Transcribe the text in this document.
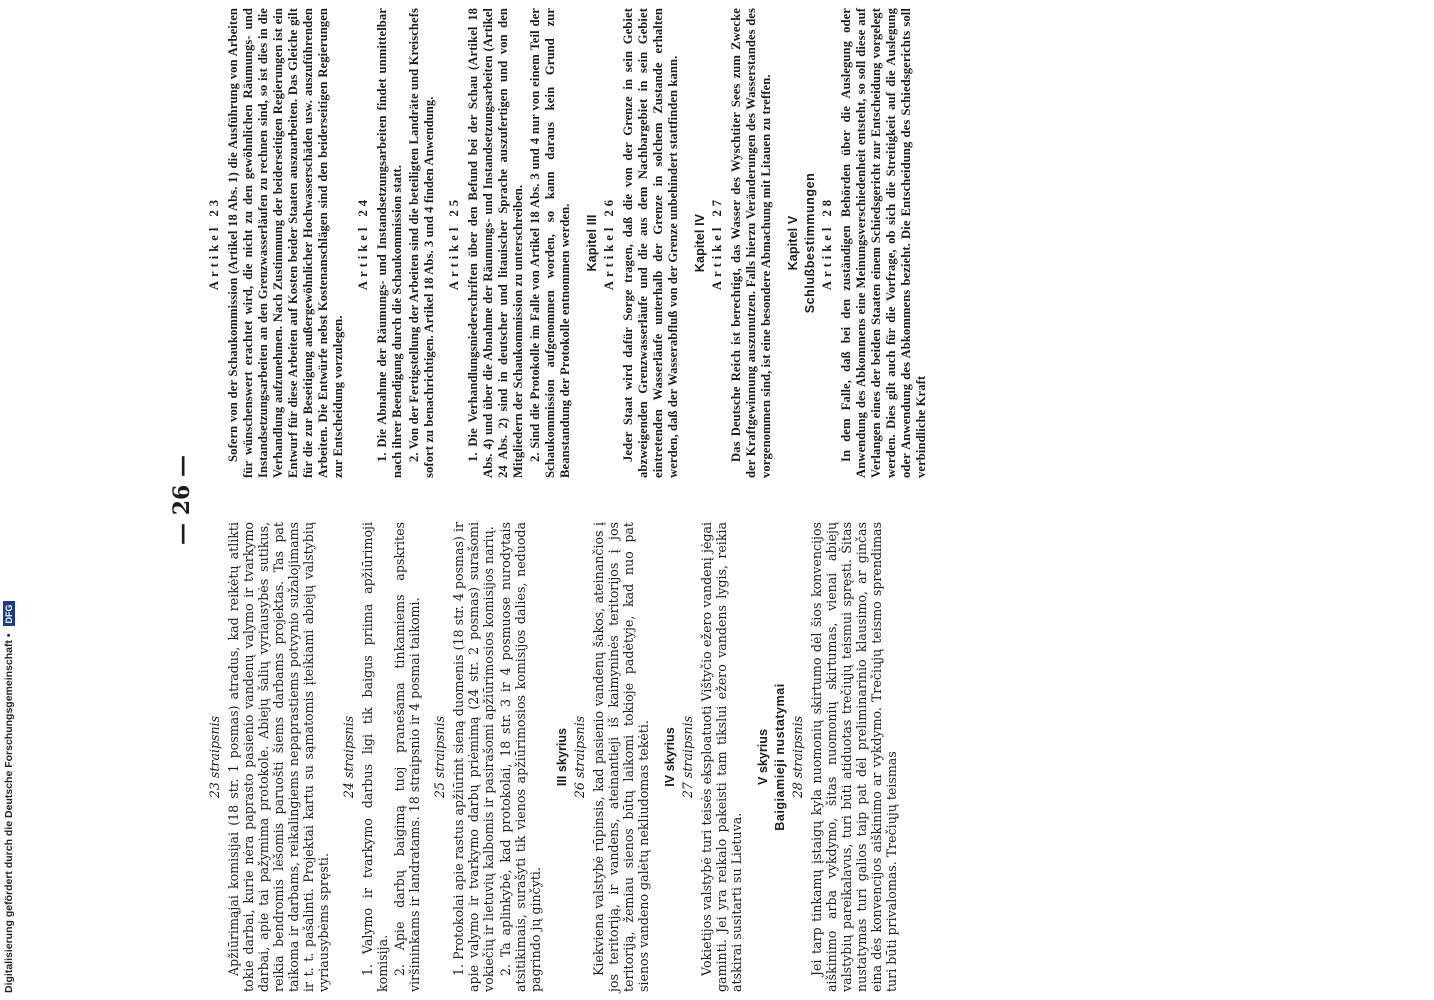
— 26 —
23 straipsnis Apžiūrimąjai komisijai (18 str. 1 posmas) atradus, kad reikėtų atlikti tokie darbai, kurie nėra paprasto pasienio vandenų valymo ir tvarkymo darbai, apie tai pažymima protokole. Abiejų šalių vyriausybės sutikus, reikia bendromis lėšomis paruošti šiems darbams projektas. Tas pat taikoma ir darbams, reikalingiems nepaprastiems potvynio sužalojimams ir t. t. pašalinti. Projektai kartu su sąmatomis įteikiami abiejų valstybių vyriausybėms spręsti.

24 straipsnis 1. Valymo ir tvarkymo darbus ligi tik baigus priima apžiūrimoji komisija. 2. Apie darbų baigimą tuoj pranešama tinkamiems apskrites viršininkams ir landratams. 18 straipsnio ir 4 posmai taikomi. 25 straipsnis 1. Protokolai apie rastus apžiūrint sieną duomenis (18 str. 4 posmas) ir apie valymo ir tvarkymo darbų priėmimą (24 str. 2 posmas) surašomi vokiečių ir lietuvių kalbomis ir pasirašomi apžiūrimosios komisijos narių. 2. Ta aplinkybė, kad protokolai, 18 str. 3 ir 4 posmuose nurodytais atsitikimais, surašyti tik vienos apžiūrimosios komisijos dalies, neduoda pagrindo jų ginčyti.

III skyrius 26 straipsnis Kiekviena valstybė rūpinsis, kad pasienio vandenų šakos, ateinančios į jos teritoriją, ir vandens, ateinantieji iš kaimyninės teritorijos į jos teritoriją, žemiau sienos būtų laikomi tokioje padėtyje, kad nuo pat sienos vandeno galėtų nekliudomas tekėti. IV skyrius 27 straipsnis Vokietijos valstybė turi teisės eksploatuoti Vištyčio ežero vandenį jėgai gaminti. Jei yra reikalo pakeisti tam tikslui ežero vandens lygis, reikia atskirai susitarti su Lietuva.

V skyrius Baigiamieji nustatymai 28 straipsnis Jei tarp tinkamų įstaigų kyla nuomonių skirtumo dėl šios konvencijos aiškinimo arba vykdymo, šitas nuomonių skirtumas, vienai abiejų valstybių pareikalavus, turi būti atiduotas trečiųjų teismui spręsti. Šitas nustatymas turi galios taip pat dėl preliminarinio klausimo, ar ginčas eina dės konvencijos aiškinimo ar vykdymo. Trečiųjų teismo sprendimas turi būti privalomas. Trečiųjų teismas

Artikel 23 Sofern von der Schaukommission (Artikel 18 Abs. 1) die Ausführung von Arbeiten für wünschenswert erachtet wird, die nicht zu den gewöhnlichen Räumungs- und Instandsetzungsarbeiten an den Grenzwasserläufen zu rechnen sind, so ist dies in die Verhandlung aufzunehmen. Nach Zustimmung der beiderseitigen Regierungen ist ein Entwurf für diese Arbeiten auf Kosten beider Staaten auszuarbeiten. Das Gleiche gilt für die zur Beseitigung außergewöhnlicher Hochwasserschäden usw. auszuführenden Arbeiten. Die Entwürfe nebst Kostenanschlägen sind den beiderseitigen Regierungen zur Entscheidung vorzulegen.

Artikel 24 1. Die Abnahme der Räumungs- und Instandsetzungsarbeiten findet unmittelbar nach ihrer Beendigung durch die Schaukommission statt. 2. Von der Fertigstellung der Arbeiten sind die beteiligten Landräte und Kreischefs sofort zu benachrichtigen. Artikel 18 Abs. 3 und 4 finden Anwendung. Artikel 25 1. Die Verhandlungsniederschriften über den Befund bei der Schau (Artikel 18 Abs. 4) und über die Abnahme der Räumungs- und Instandsetzungsarbeiten (Artikel 24 Abs. 2) sind in deutscher und litauischer Sprache auszufertigen und von den Mitgliedern der Schaukommission zu unterschreiben. 2. Sind die Protokolle im Falle von Artikel 18 Abs. 3 und 4 nur von einem Teil der Schaukommission aufgenommen worden, so kann daraus kein Grund zur Beanstandung der Protokolle entnommen werden. Kapitel III Artikel 26 Jeder Staat wird dafür Sorge tragen, daß die von der Grenze in sein Gebiet abzweigenden Grenzwasserläufe und die aus dem Nachbargebiet in sein Gebiet eintretenden Wasserläufe unterhalb der Grenze in solchem Zustande erhalten werden, daß der Wasserabfluß von der Grenze unbehindert stattfinden kann. Kapitel IV Artikel 27 Das Deutsche Reich ist berechtigt, das Wasser des Wyschtiter Sees zum Zwecke der Kraftgewinnung auszunutzen. Falls hierzu Veränderungen des Wasserstandes des vorgenommen sind, ist eine besondere Abmachung mit Litauen zu treffen. Kapitel V Schlußbestimmungen Artikel 28 In dem Falle, daß bei den zuständigen Behörden über die Auslegung oder Anwendung des Abkommens eine Meinungsverschiedenheit entsteht, so soll diese auf Verlangen eines der beiden Staaten einem Schiedsgericht zur Entscheidung vorgelegt werden. Dies gilt auch für die Vorfrage, ob sich die Streitigkeit auf die Auslegung oder Anwendung des Abkommens bezieht. Die Entscheidung des Schiedsgerichts soll verbindliche Kraft

Digitalisierung gefördert durch die Deutsche Forschungsgemeinschaft • DFG
